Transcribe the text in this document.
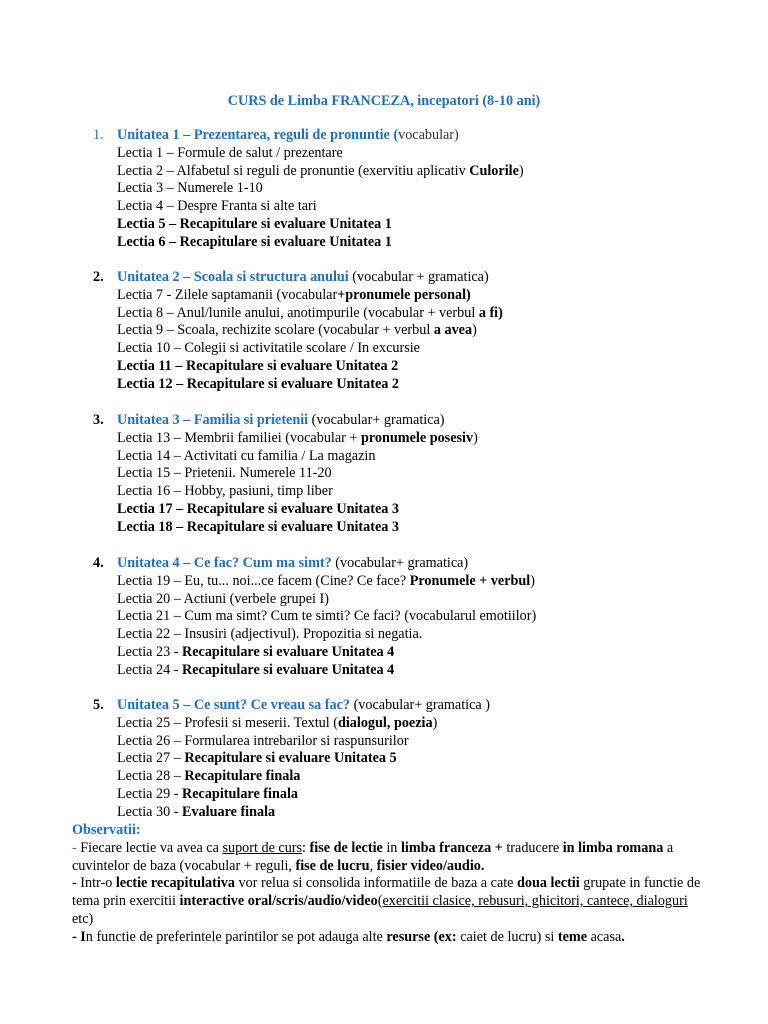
CURS de Limba FRANCEZA, incepatori (8-10 ani)
1. Unitatea 1 – Prezentarea, reguli de pronuntie (vocabular)
Lectia 1 – Formule de salut / prezentare
Lectia 2 – Alfabetul si reguli de pronuntie (exervitiu aplicativ Culorile)
Lectia 3 – Numerele 1-10
Lectia 4 – Despre Franta si alte tari
Lectia 5 – Recapitulare si evaluare Unitatea 1
Lectia 6 – Recapitulare si evaluare Unitatea 1
2. Unitatea 2 – Scoala si structura anului (vocabular + gramatica)
Lectia 7 - Zilele saptamanii (vocabular+pronumele personal)
Lectia 8 – Anul/lunile anului, anotimpurile (vocabular + verbul a fi)
Lectia 9 – Scoala, rechizite scolare (vocabular + verbul a avea)
Lectia 10 – Colegii si activitatile scolare / In excursie
Lectia 11 – Recapitulare si evaluare Unitatea 2
Lectia 12 – Recapitulare si evaluare Unitatea 2
3. Unitatea 3 – Familia si prietenii (vocabular+ gramatica)
Lectia 13 – Membrii familiei (vocabular + pronumele posesiv)
Lectia 14 – Activitati cu familia / La magazin
Lectia 15 – Prietenii. Numerele 11-20
Lectia 16 – Hobby, pasiuni, timp liber
Lectia 17 – Recapitulare si evaluare Unitatea 3
Lectia 18 – Recapitulare si evaluare Unitatea 3
4. Unitatea 4 – Ce fac? Cum ma simt? (vocabular+ gramatica)
Lectia 19 – Eu, tu... noi...ce facem (Cine? Ce face? Pronumele + verbul)
Lectia 20 – Actiuni (verbele grupei I)
Lectia 21 – Cum ma simt? Cum te simti? Ce faci? (vocabularul emotiilor)
Lectia 22 – Insusiri (adjectivul). Propozitia si negatia.
Lectia 23 - Recapitulare si evaluare Unitatea 4
Lectia 24 - Recapitulare si evaluare Unitatea 4
5. Unitatea 5 – Ce sunt? Ce vreau sa fac? (vocabular+ gramatica )
Lectia 25 – Profesii si meserii. Textul (dialogul, poezia)
Lectia 26 – Formularea intrebarilor si raspunsurilor
Lectia 27 – Recapitulare si evaluare Unitatea 5
Lectia 28 – Recapitulare finala
Lectia 29 - Recapitulare finala
Lectia 30 - Evaluare finala
Observatii:
- Fiecare lectie va avea ca suport de curs: fise de lectie in limba franceza + traducere in limba romana a cuvintelor de baza (vocabular + reguli, fise de lucru, fisier video/audio.
- Intr-o lectie recapitulativa vor relua si consolida informatiile de baza a cate doua lectii grupate in functie de tema prin exercitii interactive oral/scris/audio/video(exercitii clasice, rebusuri, ghicitori, cantece, dialoguri etc)
- In functie de preferintele parintilor se pot adauga alte resurse (ex: caiet de lucru) si teme acasa.
